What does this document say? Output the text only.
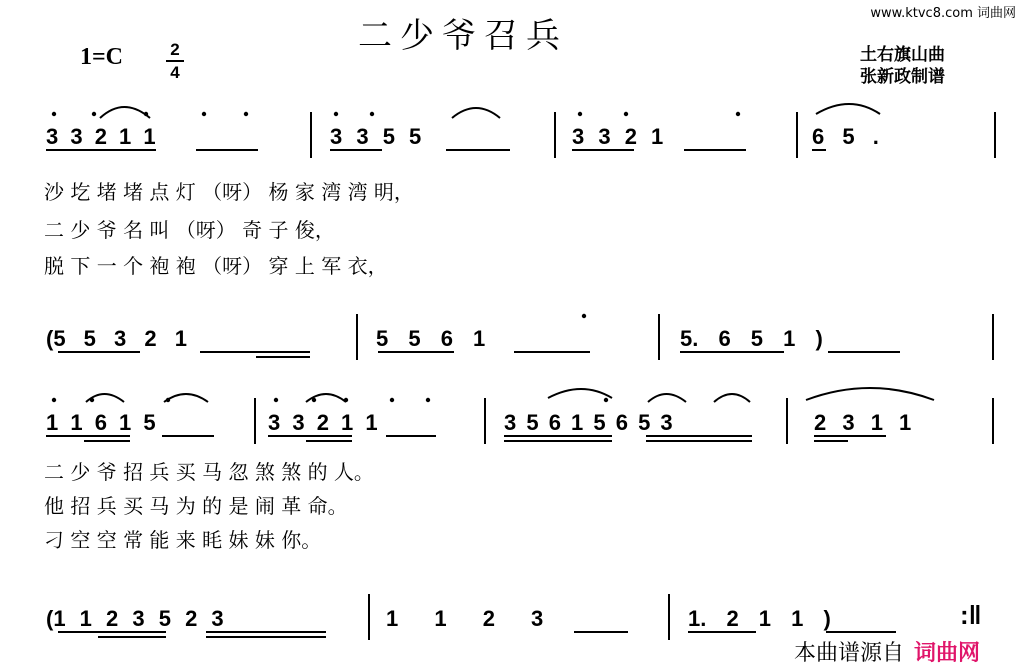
www.ktvc8.com 词曲网
二少爷召兵
1=C	2
4
土右旗山曲
张新政制谱
3 3 2 1 1	3 3 5 5	3 3 2 1	6 5 .
沙 圪 堵 堵 点 灯 （呀） 杨 家 湾 湾 明，
二 少 爷 名 叫 （呀） 奇 子 俊，
脱 下 一 个 袍 袍 （呀） 穿 上 军 衣，
(5 5 3 2 1	5 5 6 1	5. 6 5 1 )
1 1 6 1 5	3 3 2 1 1	3 5 6 1 5 6 5 3	2 3 1 1
二 少 爷 招 兵 买 马 忽 煞 煞 的 人。
他 招 兵 买 马 为 的 是 闹 革 命。
刁 空 空 常 能 来 眊 妹 妹 你。
(1 1 2 3 5 2 3	1 1 2 3	1. 2 1 1 )	:‖
本曲谱源自 词曲网
